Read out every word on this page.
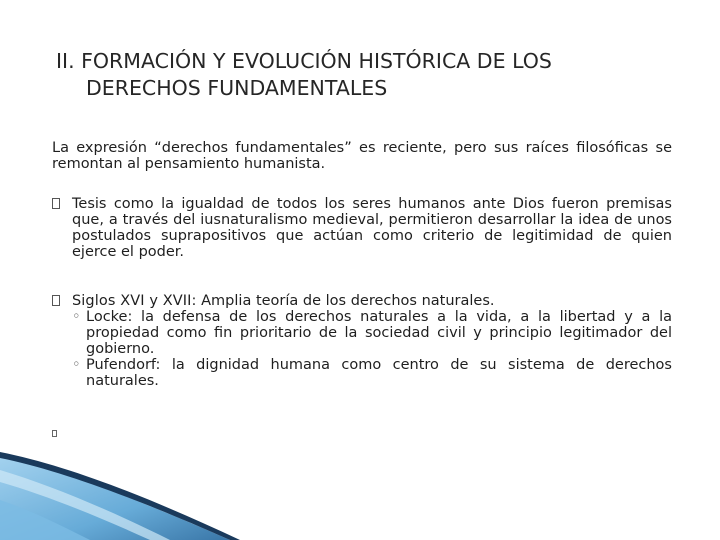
II. FORMACIÓN Y EVOLUCIÓN HISTÓRICA DE LOS
DERECHOS FUNDAMENTALES
La expresión “derechos fundamentales” es reciente, pero sus raíces filosóficas se remontan al pensamiento humanista.
Tesis como la igualdad de todos los seres humanos ante Dios fueron premisas que, a través del iusnaturalismo medieval, permitieron desarrollar la idea de unos postulados suprapositivos que actúan como criterio de legitimidad de quien ejerce el poder.
Siglos XVI y XVII: Amplia teoría de los derechos naturales.
◦ Locke: la defensa de los derechos naturales a la vida, a la libertad y a la propiedad como fin prioritario de la sociedad civil y principio legitimador del gobierno.
◦ Pufendorf: la dignidad humana como centro de su sistema de derechos naturales.
